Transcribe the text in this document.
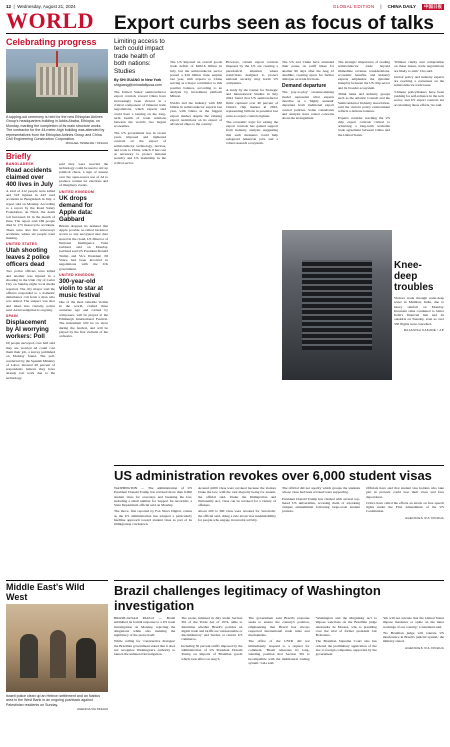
12  |  Wednesday, August 21, 2024	GLOBAL EDITION | CHINA DAILY	中国日报
WORLD
Celebrating progress
A topping-out ceremony is held for the new Ethiopian Airlines Group's headquarters building in Addis Ababa, Ethiopia, on Monday, marking the completion of its main structure works. The contractor for the 44-meter-high building was attended by representatives from the Ethiopian Airlines Group and China Civil Engineering Construction Corporation.
MICHAEL TEWELDE / XINHUA
Briefly
BANGLADESH
Road accidents claimed over 400 lives in July
A total of 412 people were killed and 518 injured in 443 road accidents in Bangladesh in July, a report said on Monday. According to a report by the Road Safety Foundation, an NGO, the death toll increased 10 in the month of June. The report said 186 people died in 173 motorcycle accidents. There were also five waterways accidents, where six people went missing.
UNITED STATES
Utah shooting leaves 2 police officers dead
Two police officers were killed and another was injured in a shooting in the Utah city of Cedar City on Sunday night, local media reported. The city mayor said the officers responded to a domestic disturbance call from a man who was armed. The suspect was shot and taken into custody, police said. An investigation is ongoing.
SPAIN
Displacement by AI worrying workers: Poll
Of people surveyed, over half said they are worried AI could cost them their job, a survey published on Monday found. The poll, conducted by the Spanish Ministry of Labor, showed 20 percent of respondents believe they have already lost work due to the technology.
said they were worried the technology could be used to stir up political chaos, a sign of unease over the open-source use of AI to produce content for elections and of imaginary events.
UNITED KINGDOM
UK drops demand for Apple data: Gabbard
Britain dropped its demand that Apple provide so-called backdoor access to any encrypted user data stored in the cloud, US Director of National Intelligence Tulsi Gabbard said on Monday. Gabbard said US President Donald Trump and Vice President JD Vance had been involved in negotiations with the UK government.
UNITED KINGDOM
300-year-old violin to star at music festival
One of the most valuable violins in the world, crafted three centuries ago and carried by composers, will be played at the Edinburgh International Festival. The instrument will be on show during the festival, and will be played by the first violinist of the orchestra.
Middle East's Wild West
Israeli police clean up an Hebron settlement and an Nablus area in the West Bank in an ongoing pushback against Palestinian residents on Sunday.
AGENCIA VIA XINHUA
Export curbs seen as focus of talks
Limiting access to tech could impact trade health of both nations: Studies
By SHI GUANG in New York
shiguang@chinadailyusa.com
The United States' semiconductor export controls toward China have increasingly been viewed as a critical component of bilateral trade negotiations, which experts said could have a bearing on the long-term health of trade relations between the world's two largest economies.
The US government has in recent years imposed and tightened controls on the export of semiconductor technology, devices, and tools to China, which it has cast as necessary to protect national security and US leadership in the critical sector.
The US imposed an overall goods trade deficit of $262.6 billion in July, but the semiconductor sector posted a $16 billion trade surplus last year, with exports to China serving as a major contributor to this positive balance, according to an analysis by investment platform Mitrest.
Nvidia and the industry with $30 billion in semiconductor exports last year, with China as the biggest export market despite the existing export restrictions on its export of advanced chips to the country.
However, current export controls imposed by the US are creating a paradoxical situation where restrictions designed to protect national security may harm US companies.
A study by the Center for Strategic and International Studies in July 2024 found that US semiconductor firms captured over 40 percent of China's chip market in 2022, representing billions in potential lost sales as export controls tighten.
The economic logic for easing the export controls has gained support from industry analysts suggesting that such measures could help safeguard American jobs and a robust research ecosystem.
The US and China have extended their pause on tariff hikes for another 90 days after the Aug 12 deadline, creating space for further dialogue on trade frictions.
Demand departure
The 'pay-to-play' revenue-sharing model represents what experts describe as a 'highly unusual' departure from traditional export control policies. Some consultants and analysts have raised concerns about the arrangement.
The strategic importance of reading semiconductor trade beyond immediate revenue considerations, economic benefits, and industry experts emphasize the dynamic interplay between the US chip sector and its broader ecosystem.
Think tanks and industry groups such as the Atlantic Council and the Semiconductor Industry Association, said the current policy environment reflects a delicate balance.
Experts consider reaching the US chip export controls critical to achieving a long-term workable trade agreement between China and the United States.
'Without clarity and compromise on these issues, trade negotiations are likely to stall,' Cho said.
Global policy and industry experts are reaching a consensus on the semiconductor trade issue.
'Chinese policymakers have been pushing for self-reliance in the tech sector, and US export controls are accelerating those efforts,' he said.
Knee-deep troubles
Visitors wade through waist-deep water in Mumbai, India, due to heavy rainfall on Monday. Incessant rains continued to batter India's financial hub and its outskirts on Tuesday, even as over 350 flights were cancelled.
RAJANISH KAKADE / AP
US administration revokes over 6,000 student visas
WASHINGTON — The administration of US President Donald Trump has revoked more than 6,000 student visas for overstays and breaking the law, including a small number for 'support for terrorism', a State Department official said on Monday.
The move, first reported by Fox News Digital, comes as the US administration has adopted a particularly hardline approach toward student visas as part of its immigration crackdown.
Around 4,000 visas were revoked because the visitors broke the law, with the vast majority being for assault, the official said. Under the Immigration and Nationality Act, visas can be revoked for a variety of offenses.
About 200 to 300 visas were revoked for 'terrorism,' the official said, citing a rule about visa inadmissibility for people who engage in terrorist activity.
The official did not specify which groups the students whose visas had been revoked were supporting.
President Donald Trump has clashed with several top-tiered US universities, accusing them of tolerating campus antisemitism following large-scale student protests.
Officials have said that student visa holders who take part in protests could lose their visas and face deportation.
Critics have called the efforts an attack on free speech rights under the First Amendment of the US Constitution.
AGENCIES VIA XINHUA
Brazil challenges legitimacy of Washington investigation
BRASILIA/SAO PAULO — Brazil submitted its formal response to a US trade investigation on Monday, rejecting the allegations while also insisting the legitimacy of the probe itself.
While calling for 'constructive dialogue' the Brazilian government stated that it does not recognize Washington's authority to launch the unilateral investigation.
The probe, initiated in July under Section 301 of the Trade Act of 1974, aims to determine whether Brazil's policies on digital trade and tariffs are 'unreasonable or discriminatory' and burden or restrict US commerce.
Including 50 percent tariffs imposed by the administration of US President Donald Trump on imports of Brazilian goods which took effect on Aug 6.
The government said Brazil's response seeks to ensure the country's position, emphasizing that Brazil has always respected international trade rules and mechanisms.
The office of the USTR did not immediately respond to a request for comment. 'Brazil reiterates its long-standing position that Section 301 is incompatible with the multilateral trading system,' Lula said.
'Washington and the Magnitsky Act to impose sanctions on the Brazilian judge Alexandre de Moraes, who is presiding over the trial of former president Jair Bolsonaro.
The Brazilian Supreme Court also has ordered the preliminary application of the law to foreign companies, supported by the government.
'We will not tolerate that the United States impose measures or opine on the inner workings of our country,' a statement said.
'No Brazilian judge will tolerate US interference in Brazil's judicial system,' the ministry stated.
AGENCIES VIA XINHUA
